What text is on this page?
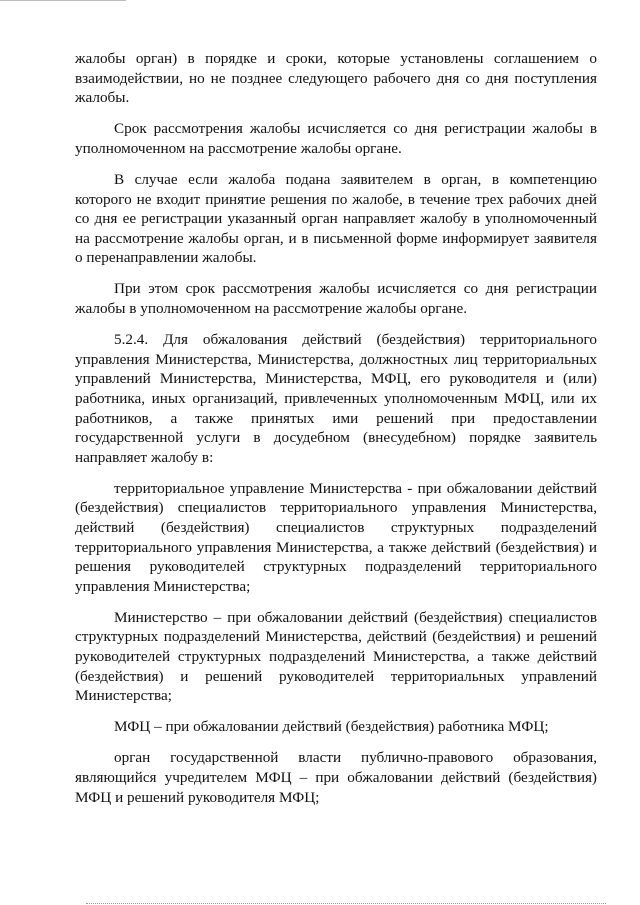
жалобы орган) в порядке и сроки, которые установлены соглашением о взаимодействии, но не позднее следующего рабочего дня со дня поступления жалобы.

Срок рассмотрения жалобы исчисляется со дня регистрации жалобы в уполномоченном на рассмотрение жалобы органе.

В случае если жалоба подана заявителем в орган, в компетенцию которого не входит принятие решения по жалобе, в течение трех рабочих дней со дня ее регистрации указанный орган направляет жалобу в уполномоченный на рассмотрение жалобы орган, и в письменной форме информирует заявителя о перенаправлении жалобы.

При этом срок рассмотрения жалобы исчисляется со дня регистрации жалобы в уполномоченном на рассмотрение жалобы органе.

5.2.4. Для обжалования действий (бездействия) территориального управления Министерства, Министерства, должностных лиц территориальных управлений Министерства, Министерства, МФЦ, его руководителя и (или) работника, иных организаций, привлеченных уполномоченным МФЦ, или их работников, а также принятых ими решений при предоставлении государственной услуги в досудебном (внесудебном) порядке заявитель направляет жалобу в:

территориальное управление Министерства - при обжаловании действий (бездействия) специалистов территориального управления Министерства, действий (бездействия) специалистов структурных подразделений территориального управления Министерства, а также действий (бездействия) и решения руководителей структурных подразделений территориального управления Министерства;

Министерство – при обжаловании действий (бездействия) специалистов структурных подразделений Министерства, действий (бездействия) и решений руководителей структурных подразделений Министерства, а также действий (бездействия) и решений руководителей территориальных управлений Министерства;

МФЦ – при обжаловании действий (бездействия) работника МФЦ;

орган государственной власти публично-правового образования, являющийся учредителем МФЦ – при обжаловании действий (бездействия) МФЦ и решений руководителя МФЦ;
